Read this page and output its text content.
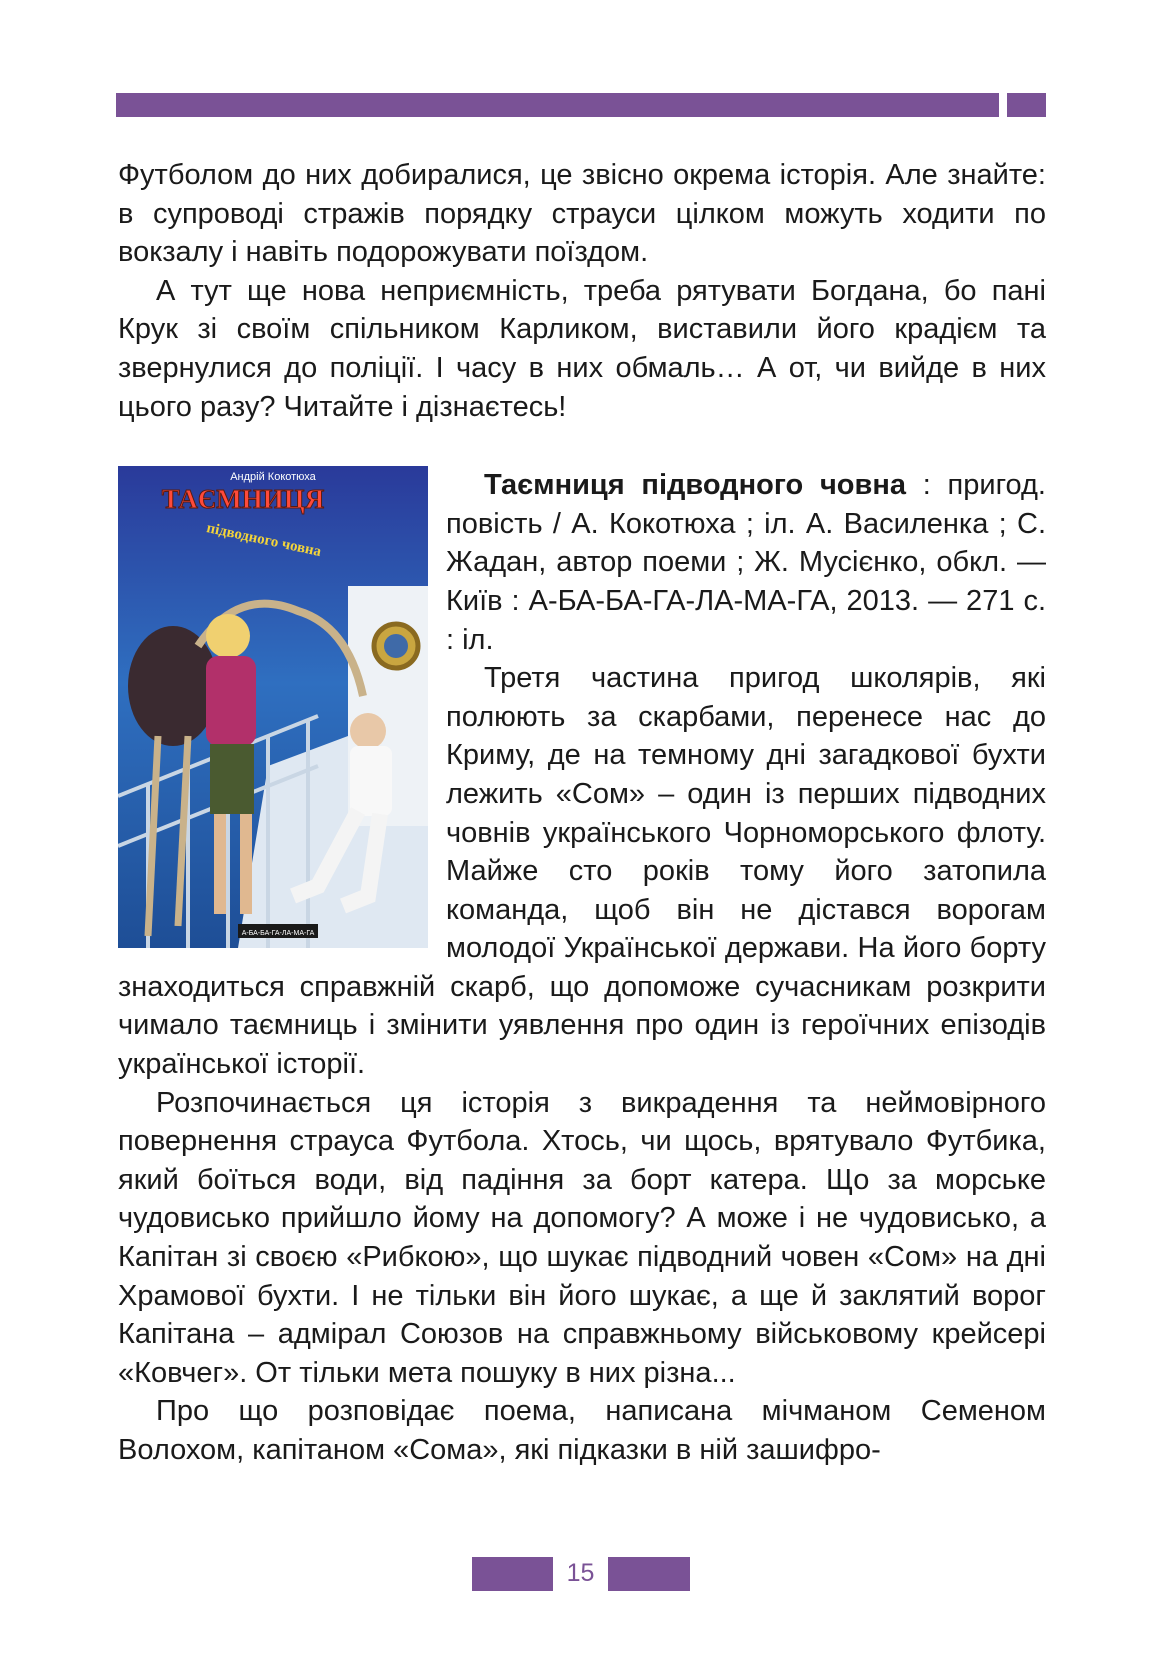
Футболом до них добиралися, це звісно окрема історія. Але знайте: в супроводі стражів порядку страуси цілком можуть ходити по вокзалу і навіть подорожувати поїздом.

А тут ще нова неприємність, треба рятувати Богдана, бо пані Крук зі своїм спільником Карликом, виставили його крадієм та звернулися до поліції. І часу в них обмаль… А от, чи вийде в них цього разу? Читайте і дізнаєтесь!

Андрій Кокотюха
ТАЄМНИЦЯ
підводного човна
А-БА-БА-ГА-ЛА-МА-ГА

Таємниця підводного човна : пригод. повість / А. Кокотюха ; іл. А. Василенка ; С. Жадан, автор поеми ; Ж. Мусієнко, обкл. — Київ : А-БА-БА-ГА-ЛА-МА-ГА, 2013. — 271 с. : іл.

Третя частина пригод школярів, які полюють за скарбами, перенесе нас до Криму, де на темному дні загадкової бухти лежить «Сом» – один із перших підводних човнів українського Чорноморського флоту. Майже сто років тому його затопила команда, щоб він не дістався ворогам молодої Української держави. На його борту знаходиться справжній скарб, що допоможе сучасникам розкрити чимало таємниць і змінити уявлення про один із героїчних епізодів української історії.

Розпочинається ця історія з викрадення та неймовірного повернення страуса Футбола. Хтось, чи щось, врятувало Футбика, який боїться води, від падіння за борт катера. Що за морське чудовисько прийшло йому на допомогу? А може і не чудовисько, а Капітан зі своєю «Рибкою», що шукає підводний човен «Сом» на дні Храмової бухти. І не тільки він його шукає, а ще й заклятий ворог Капітана – адмірал Союзов на справжньому військовому крейсері «Ковчег». От тільки мета пошуку в них різна...

Про що розповідає поема, написана мічманом Семеном Волохом, капітаном «Сома», які підказки в ній зашифро-

15
